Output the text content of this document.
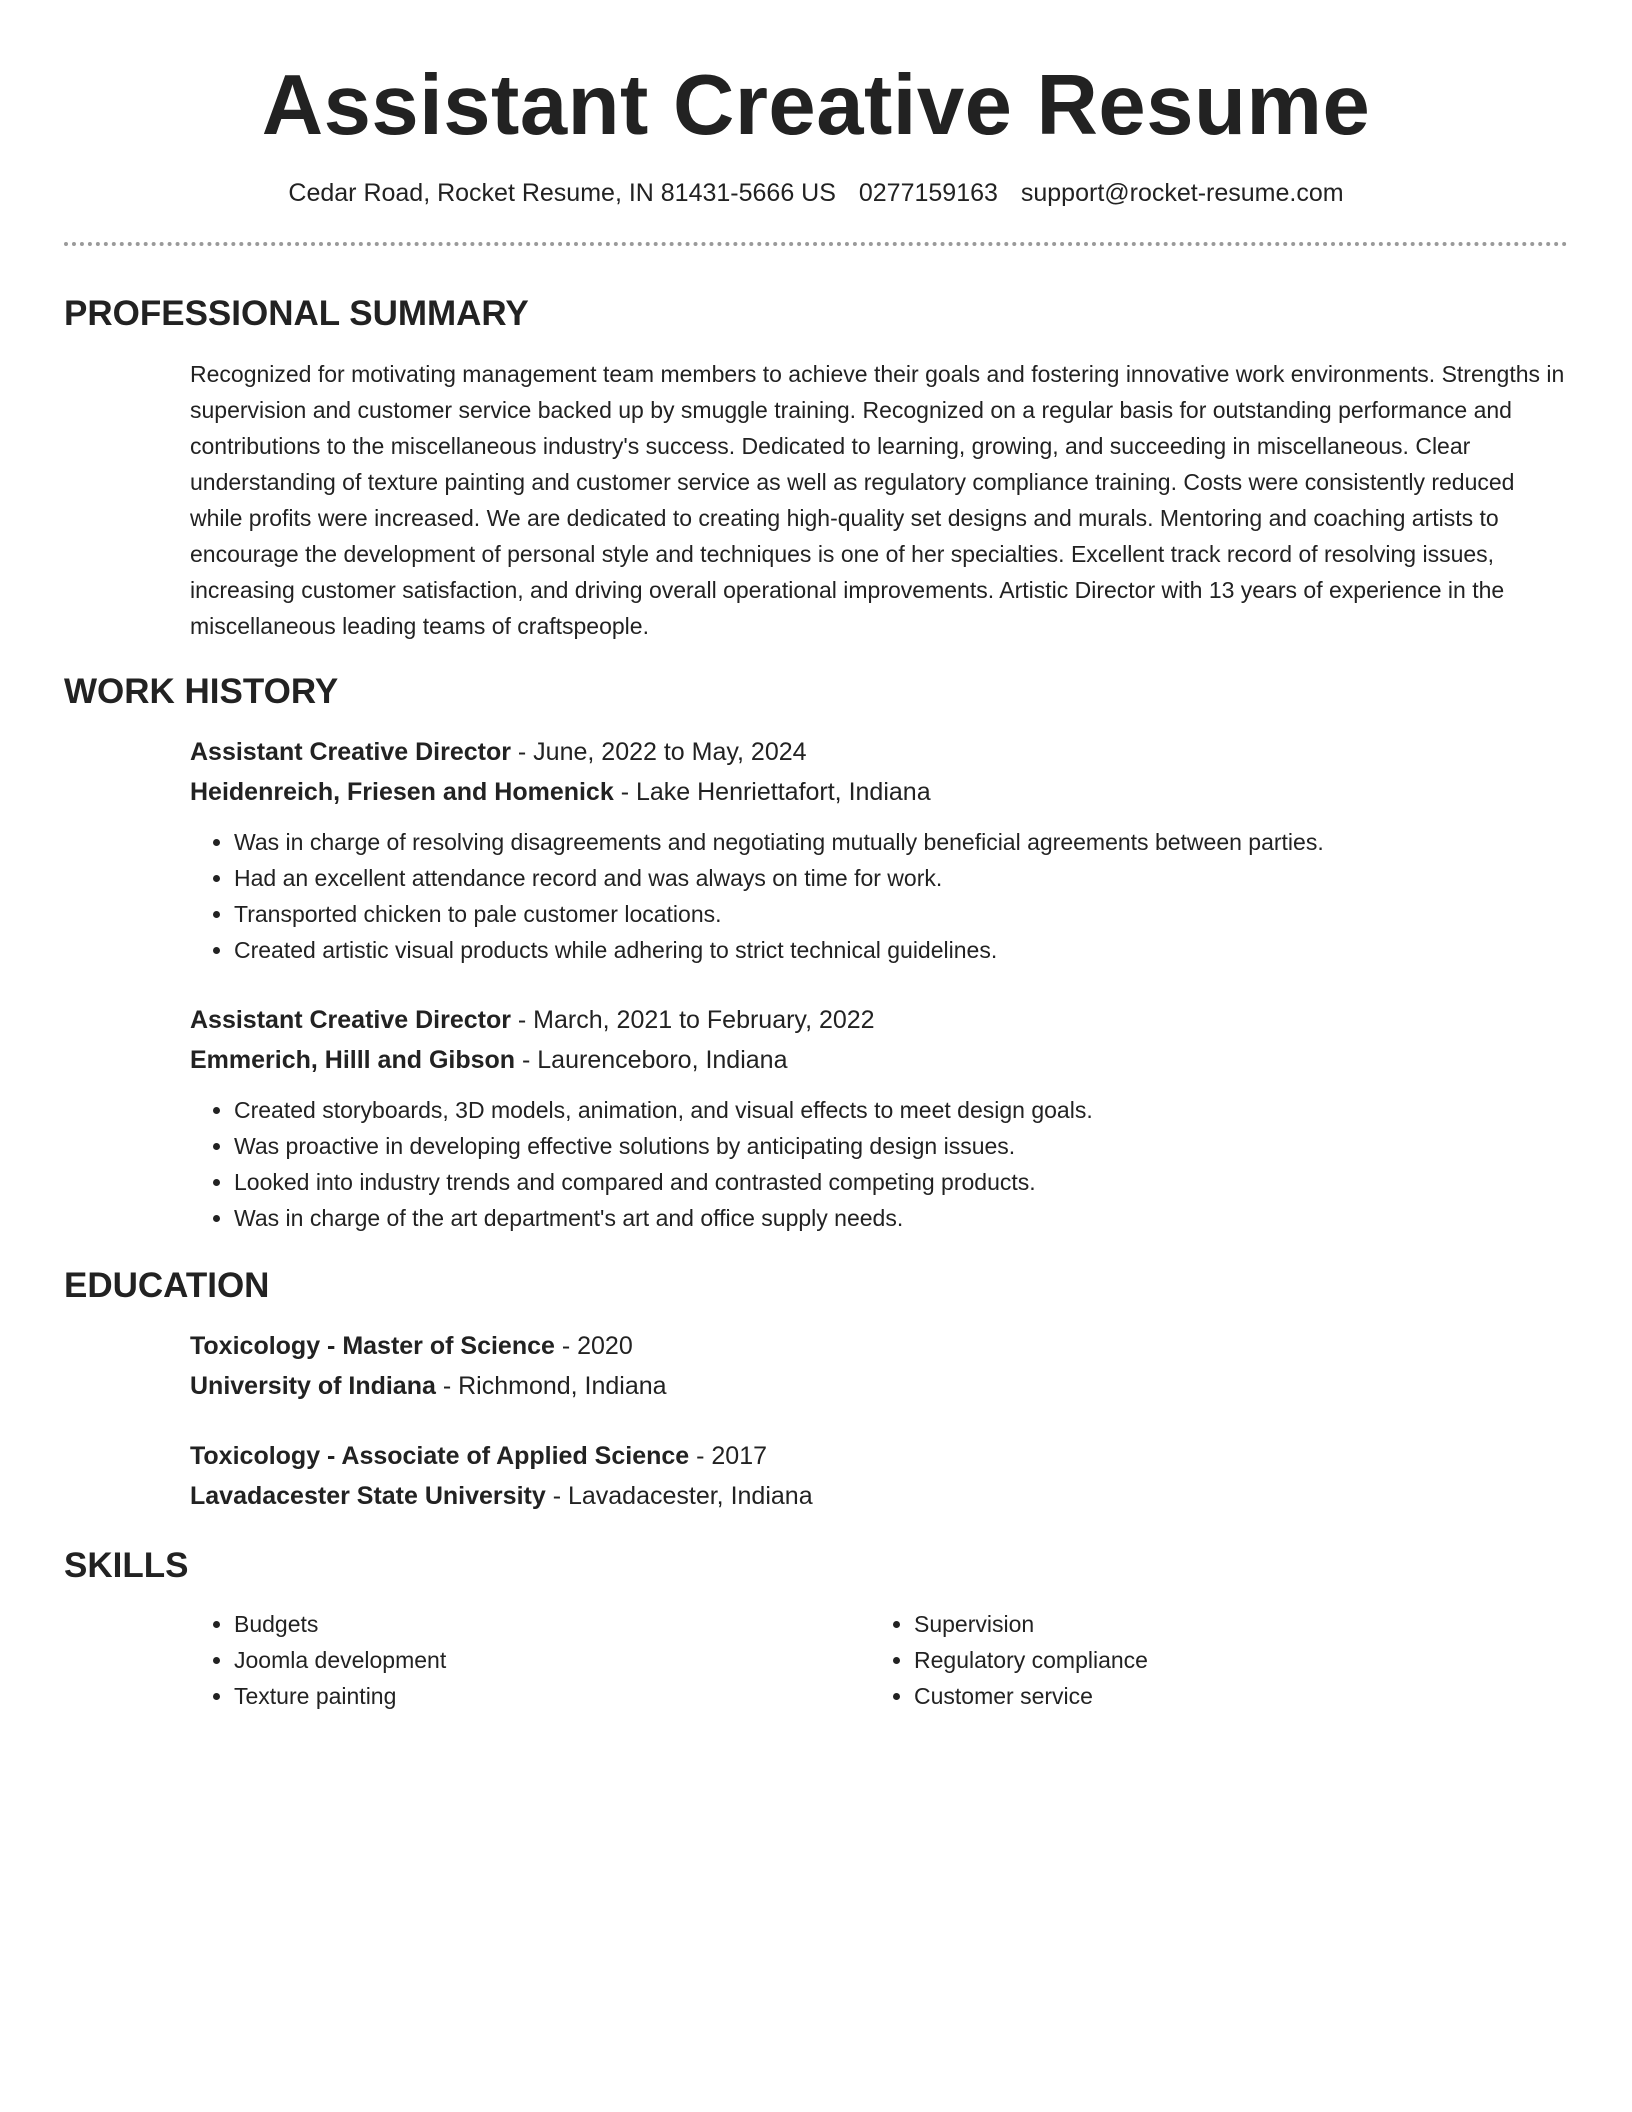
Assistant Creative Resume
Cedar Road, Rocket Resume, IN 81431-5666 US 0277159163 support@rocket-resume.com
PROFESSIONAL SUMMARY

Recognized for motivating management team members to achieve their goals and fostering innovative work environments. Strengths in supervision and customer service backed up by smuggle training. Recognized on a regular basis for outstanding performance and contributions to the miscellaneous industry's success. Dedicated to learning, growing, and succeeding in miscellaneous. Clear understanding of texture painting and customer service as well as regulatory compliance training. Costs were consistently reduced while profits were increased. We are dedicated to creating high-quality set designs and murals. Mentoring and coaching artists to encourage the development of personal style and techniques is one of her specialties. Excellent track record of resolving issues, increasing customer satisfaction, and driving overall operational improvements. Artistic Director with 13 years of experience in the miscellaneous leading teams of craftspeople.

WORK HISTORY

Assistant Creative Director - June, 2022 to May, 2024

Heidenreich, Friesen and Homenick - Lake Henriettafort, Indiana

• Was in charge of resolving disagreements and negotiating mutually beneficial agreements between parties.
• Had an excellent attendance record and was always on time for work.
• Transported chicken to pale customer locations.
• Created artistic visual products while adhering to strict technical guidelines.

Assistant Creative Director - March, 2021 to February, 2022

Emmerich, Hilll and Gibson - Laurenceboro, Indiana

• Created storyboards, 3D models, animation, and visual effects to meet design goals.
• Was proactive in developing effective solutions by anticipating design issues.
• Looked into industry trends and compared and contrasted competing products.
• Was in charge of the art department's art and office supply needs.
EDUCATION

Toxicology - Master of Science - 2020

University of Indiana - Richmond, Indiana

Toxicology - Associate of Applied Science - 2017

Lavadacester State University - Lavadacester, Indiana

SKILLS
• Budgets
• Joomla development
• Texture painting
• Supervision
• Regulatory compliance
• Customer service
